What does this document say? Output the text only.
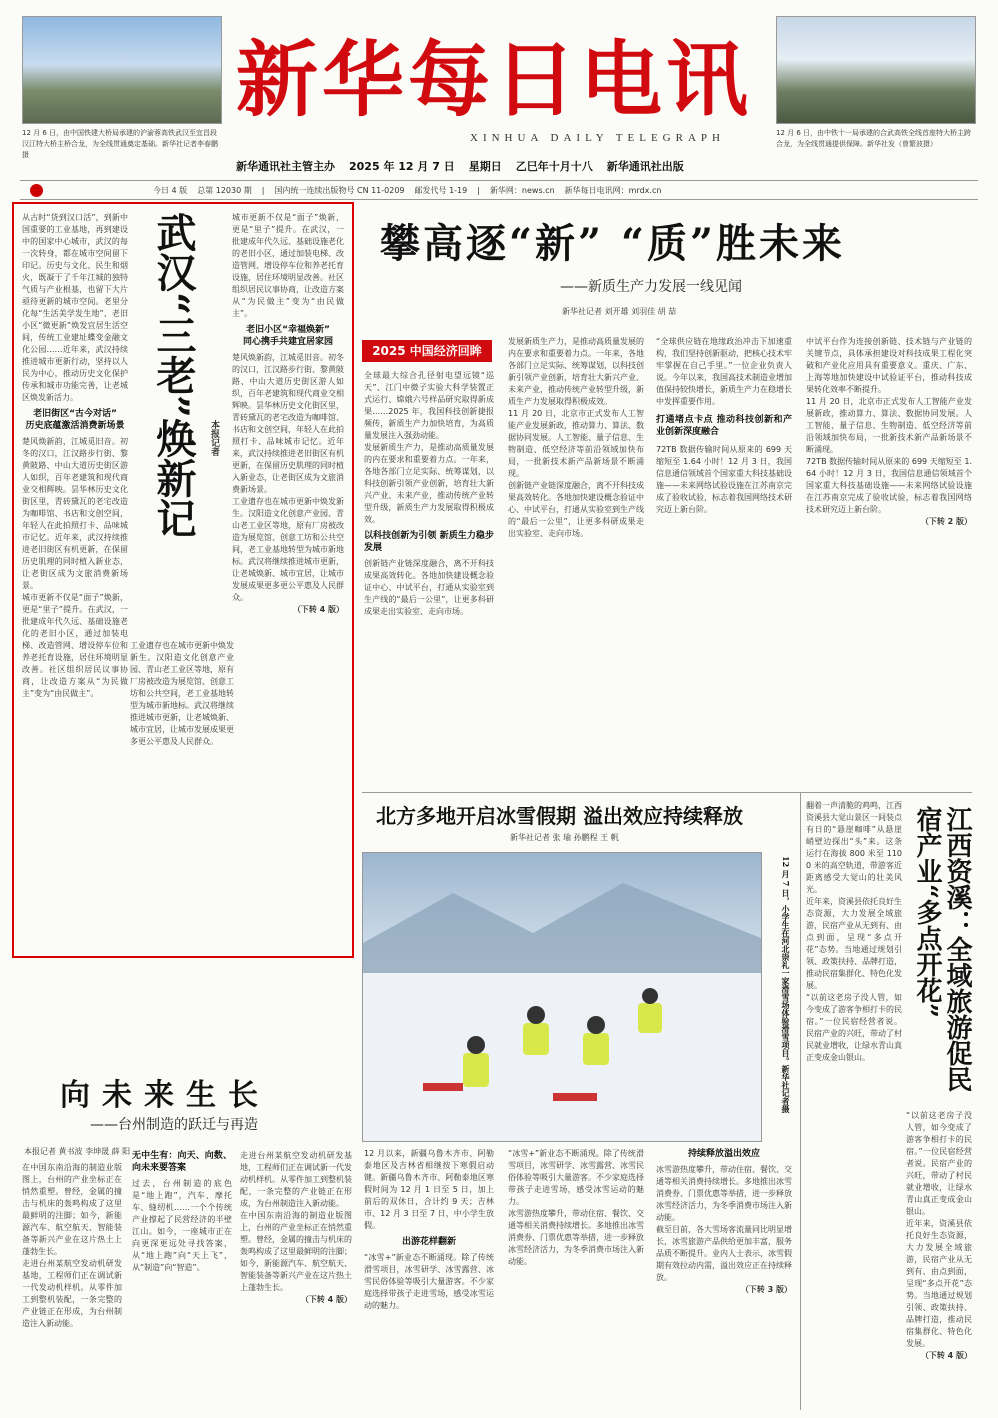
12 月 6 日，由中国铁建大桥局承建的沪渝蓉高铁武汉至宜昌段汉江特大桥主桥合龙，为全线贯通奠定基础。新华社记者李春鹏摄
12 月 6 日，由中铁十一局承建的合武高铁全线首座特大桥主跨合龙，为全线贯通提供保障。新华社发（曾繁波摄）
新华每日电讯
XINHUA DAILY TELEGRAPH
新华通讯社主管主办 2025 年 12 月 7 日 星期日 乙巳年十月十八 新华通讯社出版
今日 4 版 总第 12030 期 | 国内统一连续出版物号 CN 11-0209 邮发代号 1-19 | 新华网：news.cn 新华每日电讯网：mrdx.cn

从古时“货到汉口活”，到新中国重要的工业基地，再到建设中的国家中心城市，武汉的每一次转身，都在城市空间留下印记。历史与文化、民生和烟火，既凝于了千年江城的独特气质与产业根基，也留下大片亟待更新的城市空间。老里分化每“生活美学发生地”、老旧小区“微更新”焕发宜居生活空间，传统工业建址蝶变金融文化公园……近年来，武汉持续推进城市更新行动，坚持以人民为中心，推动历史文化保护传承和城市功能完善，让老城区焕发新活力。

老旧街区“古今对话”

历史底蕴激活消费新场景

楚风焕新韵，江城觅旧音。初冬的汉口，江汉路步行街、黎黄陂路、中山大道历史街区游人如织，百年老建筑和现代商业交相辉映。昙华林历史文化街区里，青砖黛瓦的老宅改造为咖啡馆、书店和文创空间，年轻人在此拍照打卡、品味城市记忆。近年来，武汉持续推进老旧街区有机更新，在保留历史肌理的同时植入新业态，让老街区成为文旅消费新场景。

城市更新不仅是“面子”焕新，更是“里子”提升。在武汉，一批建成年代久远、基础设施老化的老旧小区，通过加装电梯、改造管网、增设停车位和养老托育设施，居住环境明显改善。社区组织居民议事协商，让改造方案从“为民做主”变为“由民做主”。

武汉“三老”焕新记	本报记者

工业遗存也在城市更新中焕发新生。汉阳造文化创意产业园、青山老工业区等地，原有厂房被改造为展览馆、创意工坊和公共空间，老工业基地转型为城市新地标。武汉将继续推进城市更新，让老城焕新、城市宜居，让城市发展成果更多更公平惠及人民群众。

城市更新不仅是“面子”焕新，更是“里子”提升。在武汉，一批建成年代久远、基础设施老化的老旧小区，通过加装电梯、改造管网、增设停车位和养老托育设施，居住环境明显改善。社区组织居民议事协商，让改造方案从“为民做主”变为“由民做主”。

老旧小区“幸福焕新”

同心携手共建宜居家园

楚风焕新韵，江城觅旧音。初冬的汉口，江汉路步行街、黎黄陂路、中山大道历史街区游人如织，百年老建筑和现代商业交相辉映。昙华林历史文化街区里，青砖黛瓦的老宅改造为咖啡馆、书店和文创空间，年轻人在此拍照打卡、品味城市记忆。近年来，武汉持续推进老旧街区有机更新，在保留历史肌理的同时植入新业态，让老街区成为文旅消费新场景。

工业遗存也在城市更新中焕发新生。汉阳造文化创意产业园、青山老工业区等地，原有厂房被改造为展览馆、创意工坊和公共空间，老工业基地转型为城市新地标。武汉将继续推进城市更新，让老城焕新、城市宜居，让城市发展成果更多更公平惠及人民群众。

（下转 4 版）

攀高逐“新” “质”胜未来
——新质生产力发展一线见闻
新华社记者 刘开雄 刘羽佳 胡 喆
2025 中国经济回眸

全球最大综合孔径射电望远镜“巡天”、江门中微子实验大科学装置正式运行、嫦娥六号样品研究取得新成果……2025 年，我国科技创新捷报频传，新质生产力加快培育，为高质量发展注入强劲动能。

发展新质生产力，是推动高质量发展的内在要求和重要着力点。一年来，各地各部门立足实际、统筹谋划，以科技创新引领产业创新，培育壮大新兴产业、未来产业，推动传统产业转型升级，新质生产力发展取得积极成效。

以科技创新为引领 新质生力稳步发展

创新链产业链深度融合，离不开科技成果高效转化。各地加快建设概念验证中心、中试平台，打通从实验室到生产线的“最后一公里”，让更多科研成果走出实验室、走向市场。

发展新质生产力，是推动高质量发展的内在要求和重要着力点。一年来，各地各部门立足实际、统筹谋划，以科技创新引领产业创新，培育壮大新兴产业、未来产业，推动传统产业转型升级，新质生产力发展取得积极成效。

11 月 20 日，北京市正式发布人工智能产业发展新政，推动算力、算法、数据协同发展。人工智能、量子信息、生物制造、低空经济等前沿领域加快布局，一批新技术新产品新场景不断涌现。

创新链产业链深度融合，离不开科技成果高效转化。各地加快建设概念验证中心、中试平台，打通从实验室到生产线的“最后一公里”，让更多科研成果走出实验室、走向市场。

“全球供应链在地缘政治冲击下加速重构，我们坚持创新驱动，把核心技术牢牢掌握在自己手里。”一位企业负责人说。今年以来，我国高技术制造业增加值保持较快增长，新质生产力在稳增长中发挥重要作用。

打通堵点卡点 推动科技创新和产业创新深度融合

72TB 数据传输时间从原来的 699 天缩短至 1.64 小时！12 月 3 日，我国信息通信领域首个国家重大科技基础设施——未来网络试验设施在江苏南京完成了验收试验，标志着我国网络技术研究迈上新台阶。

中试平台作为连接创新链、技术链与产业链的关键节点，具体承担建设对科技成果工程化突破和产业化应用具有重要意义。重庆、广东、上海等地加快建设中试验证平台，推动科技成果转化效率不断提升。

11 月 20 日，北京市正式发布人工智能产业发展新政，推动算力、算法、数据协同发展。人工智能、量子信息、生物制造、低空经济等前沿领域加快布局，一批新技术新产品新场景不断涌现。

72TB 数据传输时间从原来的 699 天缩短至 1.64 小时！12 月 3 日，我国信息通信领域首个国家重大科技基础设施——未来网络试验设施在江苏南京完成了验收试验，标志着我国网络技术研究迈上新台阶。

（下转 2 版）

北方多地开启冰雪假期 溢出效应持续释放
新华社记者 张 瑜 孙鹏程 王 帆
12 月 7 日，小学生在河北崇礼一家滑雪场体验滑雪项目。新华社记者摄

12 月以来，新疆乌鲁木齐市、阿勒泰地区及吉林省相继按下寒假启动键。新疆乌鲁木齐市、阿勒泰地区寒假时间为 12 月 1 日至 5 日，加上前后的双休日，合计约 9 天；吉林市、12 月 3 日至 7 日，中小学生放假。

出游花样翻新

“冰雪+”新业态不断涌现。除了传统滑雪项目，冰雪研学、冰雪露营、冰雪民俗体验等吸引大量游客。不少家庭选择带孩子走进雪场，感受冰雪运动的魅力。

“冰雪+”新业态不断涌现。除了传统滑雪项目，冰雪研学、冰雪露营、冰雪民俗体验等吸引大量游客。不少家庭选择带孩子走进雪场，感受冰雪运动的魅力。

冰雪游热度攀升，带动住宿、餐饮、交通等相关消费持续增长。多地推出冰雪消费券、门票优惠等举措，进一步释放冰雪经济活力，为冬季消费市场注入新动能。

持续释放溢出效应

冰雪游热度攀升，带动住宿、餐饮、交通等相关消费持续增长。多地推出冰雪消费券、门票优惠等举措，进一步释放冰雪经济活力，为冬季消费市场注入新动能。

截至目前，各大雪场客流量同比明显增长，冰雪旅游产品供给更加丰富，服务品质不断提升。业内人士表示，冰雪假期有效拉动内需，溢出效应正在持续释放。

（下转 3 版）

翻着一声清脆的鸡鸣，江西资溪县大觉山景区一间装点有日的“悬崖咖啡”从悬崖峭壁边探出“头”来。这条运行在海拔 800 米至 1100 米的高空轨道，带游客近距离感受大觉山的壮美风光。

近年来，资溪县依托良好生态资源，大力发展全域旅游，民宿产业从无到有、由点到面，呈现“多点开花”态势。当地通过规划引领、政策扶持、品牌打造，推动民宿集群化、特色化发展。

“以前这老房子没人管，如今变成了游客争相打卡的民宿。”一位民宿经营者说。民宿产业的兴旺，带动了村民就业增收，让绿水青山真正变成金山银山。	江西资溪：全域旅游促民宿产业“多点开花”

“以前这老房子没人管，如今变成了游客争相打卡的民宿。”一位民宿经营者说。民宿产业的兴旺，带动了村民就业增收，让绿水青山真正变成金山银山。

近年来，资溪县依托良好生态资源，大力发展全域旅游，民宿产业从无到有、由点到面，呈现“多点开花”态势。当地通过规划引领、政策扶持、品牌打造，推动民宿集群化、特色化发展。

（下转 4 版）

向未来生长
——台州制造的跃迁与再造
本报记者 黄书波 李坤晟 薛 阳

在中国东南沿海的制造业版图上，台州的产业坐标正在悄然重塑。曾经，金属的撞击与机床的轰鸣构成了这里最鲜明的注脚；如今，新能源汽车、航空航天、智能装备等新兴产业在这片热土上蓬勃生长。

走进台州某航空发动机研发基地，工程师们正在调试新一代发动机样机。从零件加工到整机装配，一条完整的产业链正在形成，为台州制造注入新动能。

无中生有：向天、向数、向未来要答案

过去，台州制造的底色是“地上跑”，汽车、摩托车、缝纫机……一个个传统产业撑起了民营经济的半壁江山。如今，一座城市正在向更深更远处寻找答案，从“地上跑”向“天上飞”，从“制造”向“智造”。

走进台州某航空发动机研发基地，工程师们正在调试新一代发动机样机。从零件加工到整机装配，一条完整的产业链正在形成，为台州制造注入新动能。

在中国东南沿海的制造业版图上，台州的产业坐标正在悄然重塑。曾经，金属的撞击与机床的轰鸣构成了这里最鲜明的注脚；如今，新能源汽车、航空航天、智能装备等新兴产业在这片热土上蓬勃生长。

（下转 4 版）
